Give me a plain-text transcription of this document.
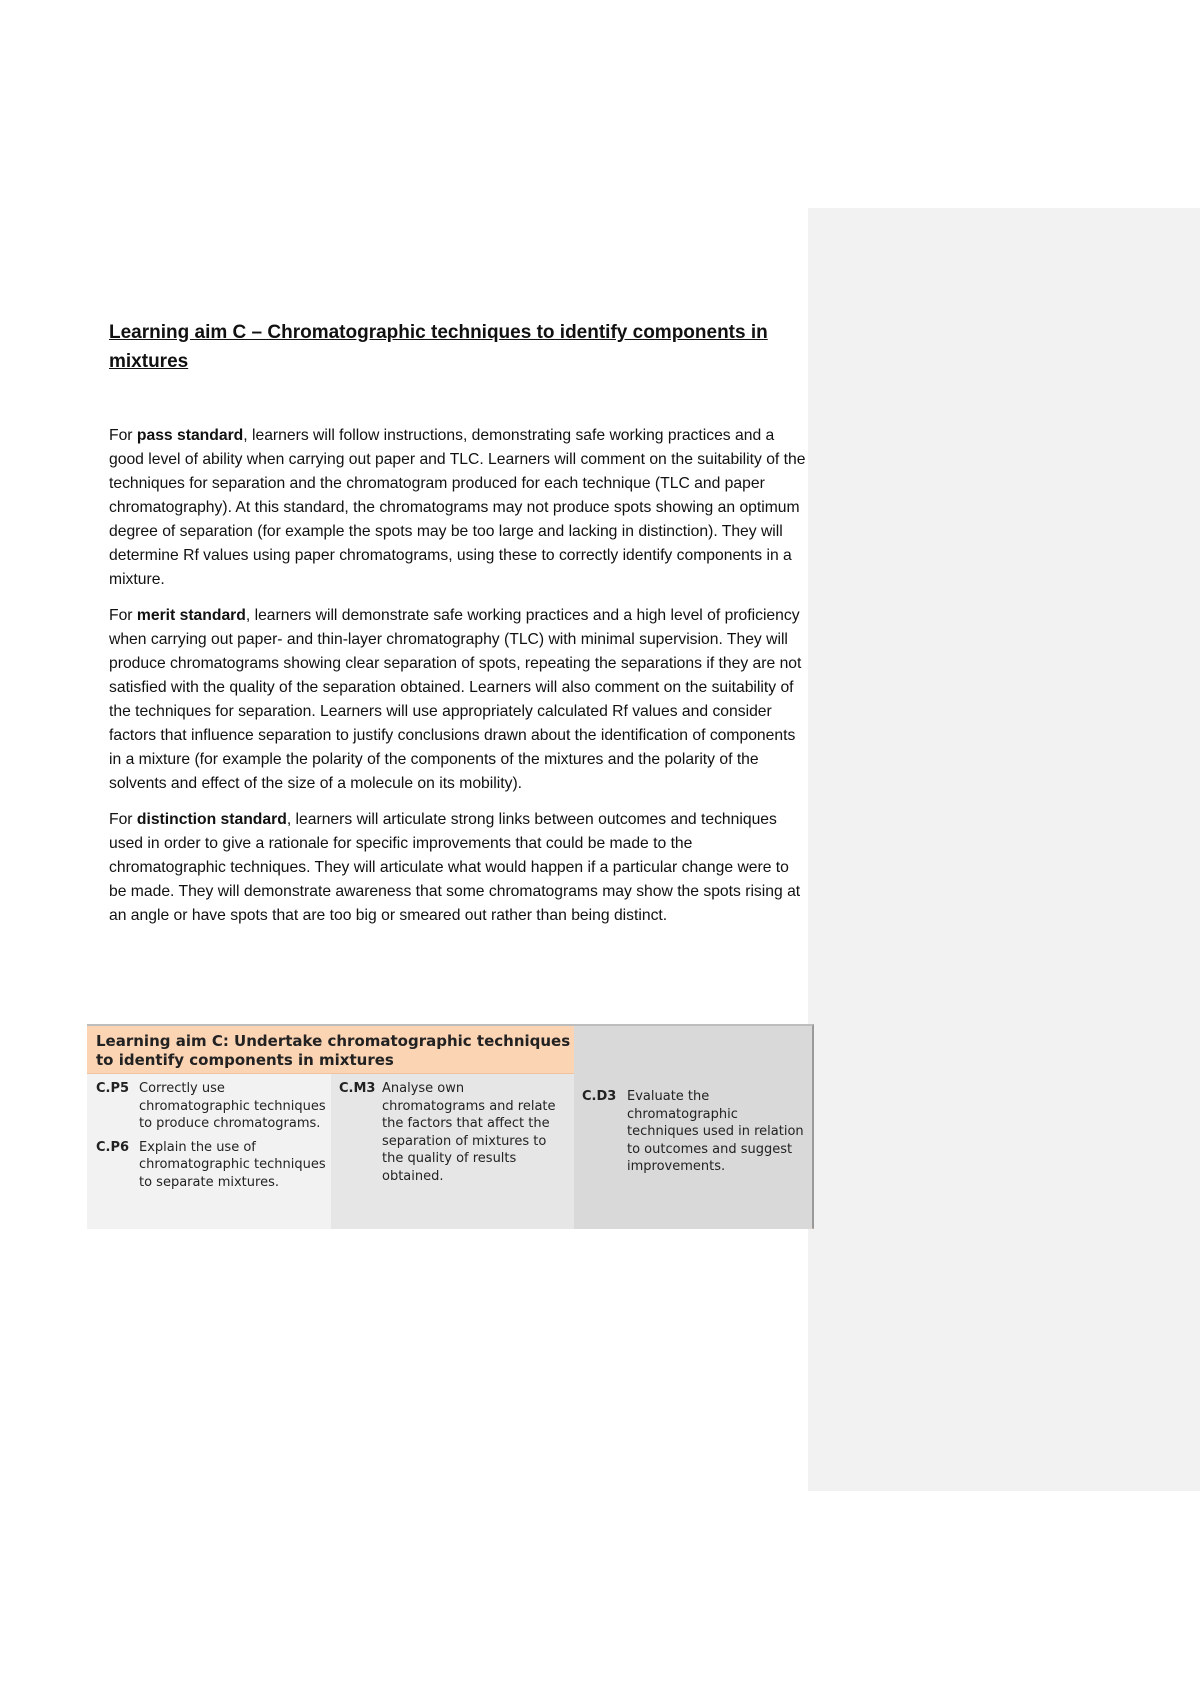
Learning aim C – Chromatographic techniques to identify components in mixtures

For pass standard, learners will follow instructions, demonstrating safe working practices and a good level of ability when carrying out paper and TLC. Learners will comment on the suitability of the techniques for separation and the chromatogram produced for each technique (TLC and paper chromatography). At this standard, the chromatograms may not produce spots showing an optimum degree of separation (for example the spots may be too large and lacking in distinction). They will determine Rf values using paper chromatograms, using these to correctly identify components in a mixture.

For merit standard, learners will demonstrate safe working practices and a high level of proficiency when carrying out paper- and thin-layer chromatography (TLC) with minimal supervision. They will produce chromatograms showing clear separation of spots, repeating the separations if they are not satisfied with the quality of the separation obtained. Learners will also comment on the suitability of the techniques for separation. Learners will use appropriately calculated Rf values and consider factors that influence separation to justify conclusions drawn about the identification of components in a mixture (for example the polarity of the components of the mixtures and the polarity of the solvents and effect of the size of a molecule on its mobility).

For distinction standard, learners will articulate strong links between outcomes and techniques used in order to give a rationale for specific improvements that could be made to the chromatographic techniques. They will articulate what would happen if a particular change were to be made. They will demonstrate awareness that some chromatograms may show the spots rising at an angle or have spots that are too big or smeared out rather than being distinct.

Learning aim C: Undertake chromatographic techniques to identify components in mixtures
C.P5 Correctly use chromatographic techniques to produce chromatograms.
C.P6 Explain the use of chromatographic techniques to separate mixtures.
C.M3 Analyse own chromatograms and relate the factors that affect the separation of mixtures to the quality of results obtained.
C.D3 Evaluate the chromatographic techniques used in relation to outcomes and suggest improvements.
